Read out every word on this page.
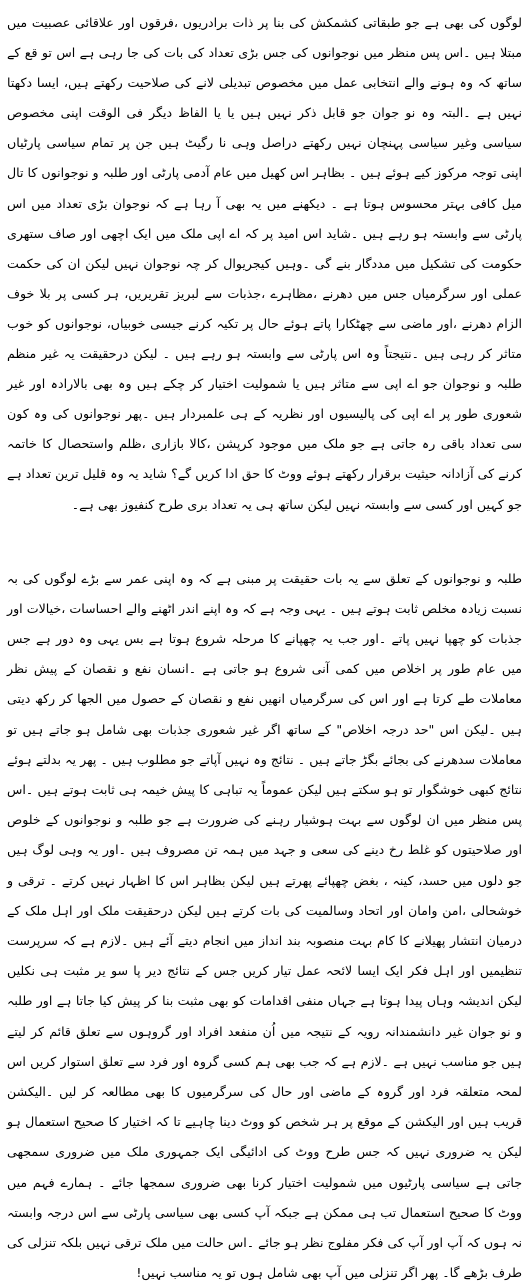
لوگوں کی بھی ہے جو طبقاتی کشمکش کی بنا پر ذات برادریوں ،فرقوں اور علاقائی عصبیت میں مبتلا ہیں ۔اس پس منظر میں نوجوانوں کی جس بڑی تعداد کی بات کی جا رہی ہے اس تو قع کے ساتھ کہ وہ ہونے والے انتخابی عمل میں مخصوص تبدیلی لانے کی صلاحیت رکھتے ہیں، ایسا دکھتا نہیں ہے ۔البتہ وہ نو جوان جو قابل ذکر نہیں ہیں یا یا الفاظ دیگر فی الوقت اپنی مخصوص سیاسی وغیر سیاسی پہنچان نہیں رکھتے دراصل وہی نا رگیٹ ہیں جن پر تمام سیاسی پارٹیاں اپنی توجہ مرکوز کیے ہوئے ہیں ۔ بظاہر اس کھیل میں عام آدمی پارٹی اور طلبہ و نوجوانوں کا تال میل کافی بہتر محسوس ہوتا ہے ۔ دیکھنے میں یہ بھی آ رہا ہے کہ نوجوان بڑی تعداد میں اس پارٹی سے وابستہ ہو رہے ہیں ۔شاید اس امید پر کہ اے اپی ملک میں ایک اچھی اور صاف ستھری حکومت کی تشکیل میں مددگار بنے گی ۔وہیں کیجریوال کر چہ نوجوان نہیں لیکن ان کی حکمت عملی اور سرگرمیاں جس میں دھرنے ،مظاہرے ،جذبات سے لبریز تقریریں، ہر کسی پر بلا خوف الزام دھرنے ،اور ماضی سے چھٹکارا پاتے ہوئے حال پر تکیہ کرنے جیسی خوبیاں، نوجوانوں کو خوب متاثر کر رہی ہیں ۔نتیجتاً وہ اس پارٹی سے وابستہ ہو رہے ہیں ۔ لیکن درحقیقت یہ غیر منظم طلبہ و نوجوان جو اے اپی سے متاثر ہیں یا شمولیت اختیار کر چکے ہیں وہ بھی بالارادہ اور غیر شعوری طور پر اے اپی کی پالیسیوں اور نظریہ کے ہی علمبردار ہیں ۔پھر نوجوانوں کی وہ کون سی تعداد باقی رہ جاتی ہے جو ملک میں موجود کرپشن ،کالا بازاری ،ظلم واستحصال کا خاتمہ کرنے کی آزادانہ حیثیت برقرار رکھتے ہوئے ووٹ کا حق ادا کریں گے؟ شاید یہ وہ قلیل ترین تعداد ہے جو کہیں اور کسی سے وابستہ نہیں لیکن ساتھ ہی یہ تعداد بری طرح کنفیوز بھی ہے۔

طلبہ و نوجوانوں کے تعلق سے یہ بات حقیقت پر مبنی ہے کہ وہ اپنی عمر سے بڑے لوگوں کی بہ نسبت زیادہ مخلص ثابت ہوتے ہیں ۔ یہی وجہ ہے کہ وہ اپنے اندر اٹھنے والے احساسات ،خیالات اور جذبات کو چھپا نہیں پاتے ۔اور جب یہ چھپانے کا مرحلہ شروع ہوتا ہے بس یہی وہ دور ہے جس میں عام طور پر اخلاص میں کمی آنی شروع ہو جاتی ہے ۔انسان نفع و نقصان کے پیش نظر معاملات طے کرتا ہے اور اس کی سرگرمیاں انھیں نفع و نقصان کے حصول میں الجھا کر رکھ دیتی ہیں ۔لیکن اس "حد درجہ اخلاص" کے ساتھ اگر غیر شعوری جذبات بھی شامل ہو جاتے ہیں تو معاملات سدھرنے کی بجائے بگڑ جاتے ہیں ۔ نتائج وہ نہیں آپاتے جو مطلوب ہیں ۔ پھر یہ بدلتے ہوئے نتائج کبھی خوشگوار تو ہو سکتے ہیں لیکن عموماً یہ تباہی کا پیش خیمہ ہی ثابت ہوتے ہیں ۔اس پس منظر میں ان لوگوں سے بہت ہوشیار رہنے کی ضرورت ہے جو طلبہ و نوجوانوں کے خلوص اور صلاحیتوں کو غلط رخ دینے کی سعی و جہد میں ہمہ تن مصروف ہیں ۔اور یہ وہی لوگ ہیں جو دلوں میں حسد، کینہ ، بغض چھپائے پھرتے ہیں لیکن بظاہر اس کا اظہار نہیں کرتے ۔ ترقی و خوشحالی ،امن وامان اور اتحاد وسالمیت کی بات کرتے ہیں لیکن درحقیقت ملک اور اہل ملک کے درمیان انتشار پھیلانے کا کام بہت منصوبہ بند انداز میں انجام دیتے آئے ہیں ۔لازم ہے کہ سرپرست تنظیمیں اور اہل فکر ایک ایسا لائحہ عمل تیار کریں جس کے نتائج دیر پا سو یر مثبت ہی نکلیں لیکن اندیشہ وہاں پیدا ہوتا ہے جہاں منفی اقدامات کو بھی مثبت بنا کر پیش کیا جاتا ہے اور طلبہ و نو جوان غیر دانشمندانہ رویہ کے نتیجہ میں اُن منفعد افراد اور گروہوں سے تعلق قائم کر لیتے ہیں جو مناسب نہیں ہے ۔لازم ہے کہ جب بھی ہم کسی گروہ اور فرد سے تعلق استوار کریں اس لمحہ متعلقہ فرد اور گروہ کے ماضی اور حال کی سرگرمیوں کا بھی مطالعہ کر لیں ۔الیکشن قریب ہیں اور الیکشن کے موقع پر ہر شخص کو ووٹ دینا چاہیے تا کہ اختیار کا صحیح استعمال ہو لیکن یہ ضروری نہیں کہ جس طرح ووٹ کی ادائیگی ایک جمہوری ملک میں ضروری سمجھی جاتی ہے سیاسی پارٹیوں میں شمولیت اختیار کرنا بھی ضروری سمجھا جائے ۔ ہمارے فہم میں ووٹ کا صحیح استعمال تب ہی ممکن ہے جبکہ آپ کسی بھی سیاسی پارٹی سے اس درجہ وابستہ نہ ہوں کہ آپ اور آپ کی فکر مفلوج نظر ہو جائے ۔اس حالت میں ملک ترقی نہیں بلکہ تنزلی کی طرف بڑھے گا۔ پھر اگر تنزلی میں آپ بھی شامل ہوں تو یہ مناسب نہیں!
